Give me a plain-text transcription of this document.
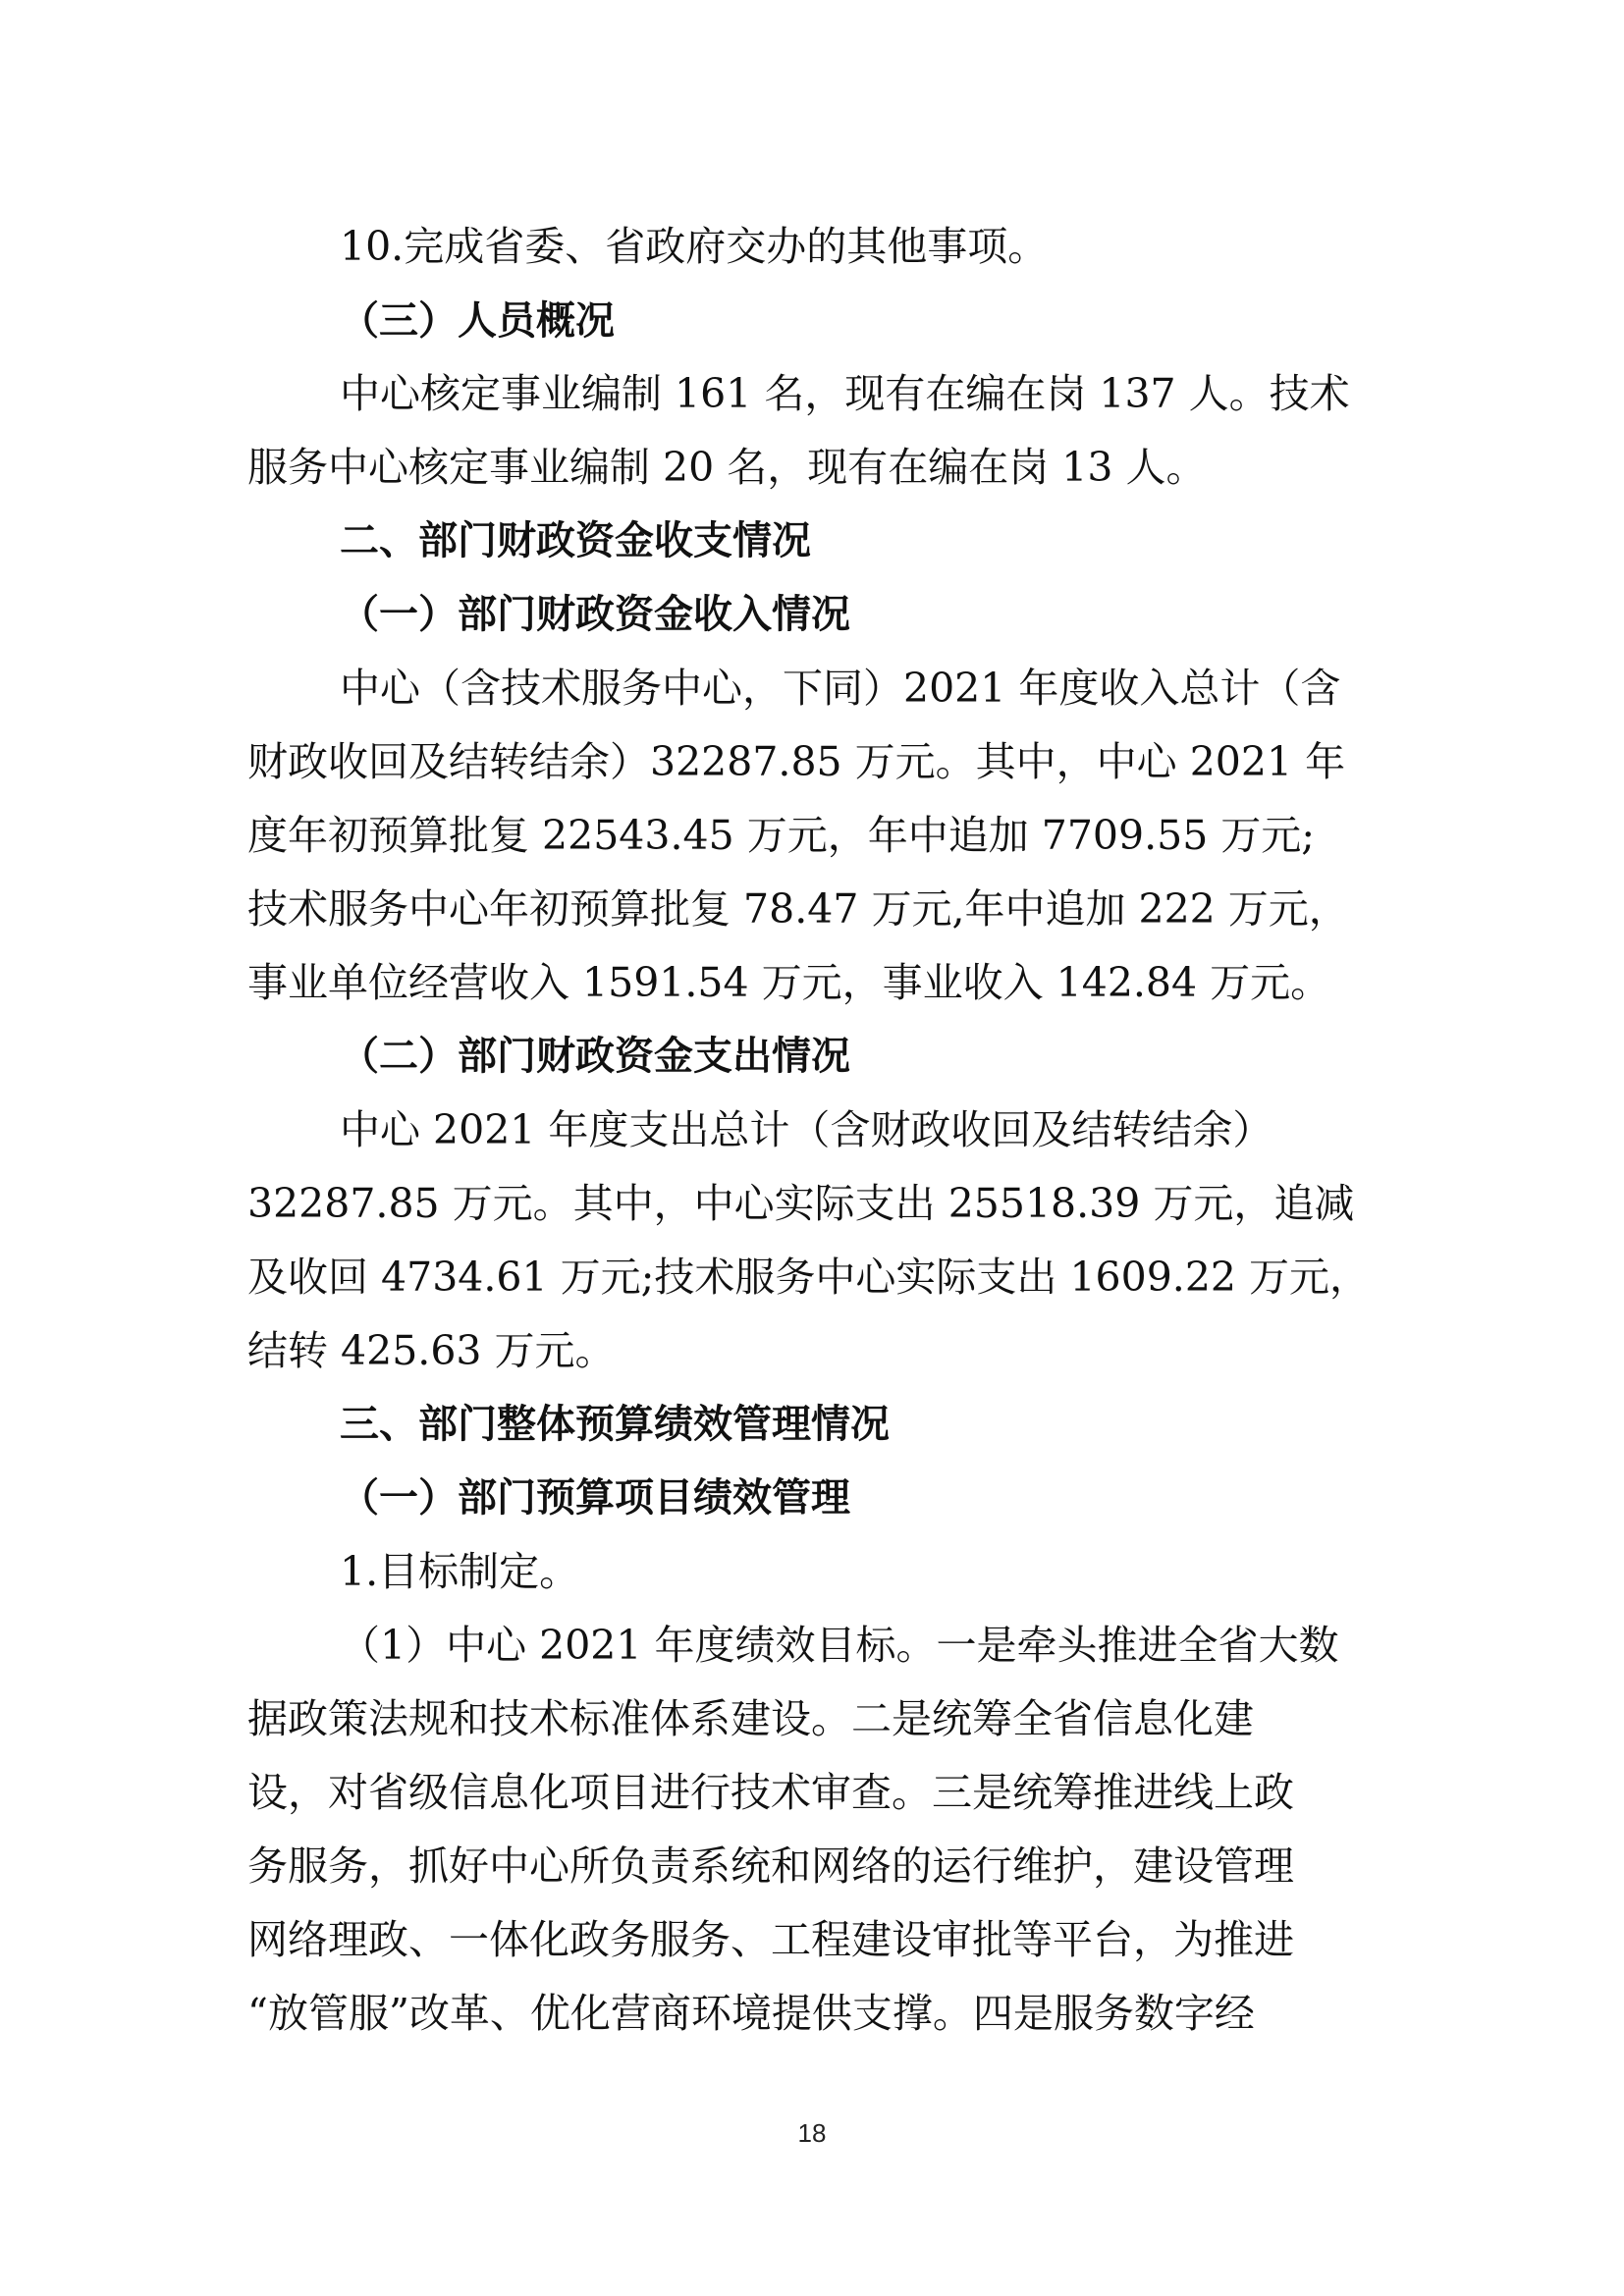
10.完成省委、省政府交办的其他事项。
（三）人员概况
中心核定事业编制 161 名，现有在编在岗 137 人。技术
服务中心核定事业编制 20 名，现有在编在岗 13 人。
二、部门财政资金收支情况
（一）部门财政资金收入情况
中心（含技术服务中心，下同）2021 年度收入总计（含
财政收回及结转结余）32287.85 万元。其中，中心 2021 年
度年初预算批复 22543.45 万元，年中追加 7709.55 万元;
技术服务中心年初预算批复 78.47 万元,年中追加 222 万元，
事业单位经营收入 1591.54 万元，事业收入 142.84 万元。
（二）部门财政资金支出情况
中心 2021 年度支出总计（含财政收回及结转结余）
32287.85 万元。其中，中心实际支出 25518.39 万元，追减
及收回 4734.61 万元;技术服务中心实际支出 1609.22 万元，
结转 425.63 万元。
三、部门整体预算绩效管理情况
（一）部门预算项目绩效管理
1.目标制定。
（1）中心 2021 年度绩效目标。一是牵头推进全省大数
据政策法规和技术标准体系建设。二是统筹全省信息化建
设，对省级信息化项目进行技术审查。三是统筹推进线上政
务服务，抓好中心所负责系统和网络的运行维护，建设管理
网络理政、一体化政务服务、工程建设审批等平台，为推进
“放管服”改革、优化营商环境提供支撑。四是服务数字经
18
